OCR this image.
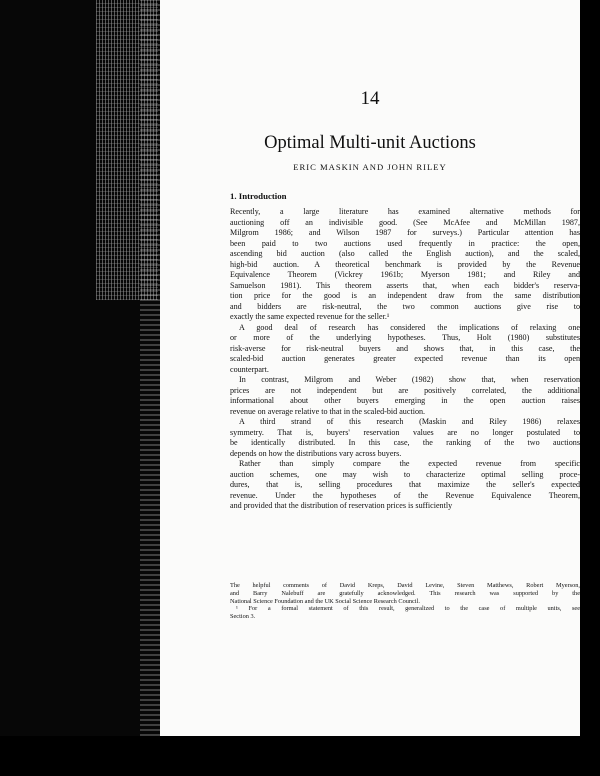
14
Optimal Multi-unit Auctions
ERIC MASKIN AND JOHN RILEY
1. Introduction
Recently, a large literature has examined alternative methods for
auctioning off an indivisible good. (See McAfee and McMillan 1987,
Milgrom 1986; and Wilson 1987 for surveys.) Particular attention has
been paid to two auctions used frequently in practice: the open,
ascending bid auction (also called the English auction), and the scaled,
high-bid auction. A theoretical benchmark is provided by the Revenue
Equivalence Theorem (Vickrey 1961b; Myerson 1981; and Riley and
Samuelson 1981). This theorem asserts that, when each bidder's reserva-
tion price for the good is an independent draw from the same distribution
and bidders are risk-neutral, the two common auctions give rise to
exactly the same expected revenue for the seller.¹
A good deal of research has considered the implications of relaxing one
or more of the underlying hypotheses. Thus, Holt (1980) substitutes
risk-averse for risk-neutral buyers and shows that, in this case, the
scaled-bid auction generates greater expected revenue than its open
counterpart.
In contrast, Milgrom and Weber (1982) show that, when reservation
prices are not independent but are positively correlated, the additional
informational about other buyers emerging in the open auction raises
revenue on average relative to that in the scaled-bid auction.
A third strand of this research (Maskin and Riley 1986) relaxes
symmetry. That is, buyers' reservation values are no longer postulated to
be identically distributed. In this case, the ranking of the two auctions
depends on how the distributions vary across buyers.
Rather than simply compare the expected revenue from specific
auction schemes, one may wish to characterize optimal selling proce-
dures, that is, selling procedures that maximize the seller's expected
revenue. Under the hypotheses of the Revenue Equivalence Theorem,
and provided that the distribution of reservation prices is sufficiently
The helpful comments of David Kreps, David Levine, Steven Matthews, Robert Myerson,
and Barry Nalebuff are gratefully acknowledged. This research was supported by the
National Science Foundation and the UK Social Science Research Council.
¹ For a formal statement of this result, generalized to the case of multiple units, see
Section 3.
